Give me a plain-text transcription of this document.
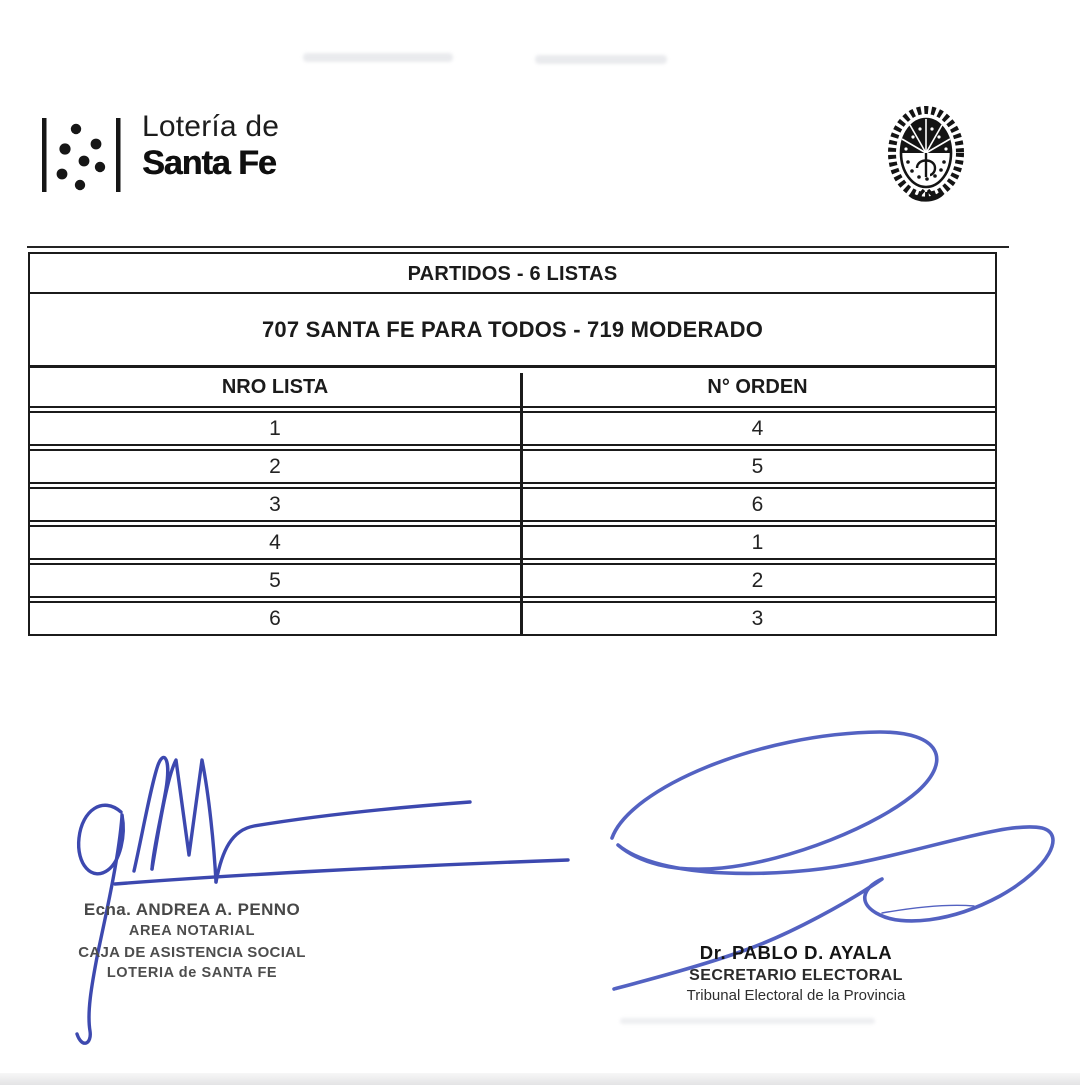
Lotería de
Santa Fe
PARTIDOS - 6 LISTAS
707 SANTA FE PARA TODOS - 719 MODERADO
NRO LISTA	N° ORDEN
1	4
2	5
3	6
4	1
5	2
6	3
Ecna. ANDREA A. PENNO
AREA NOTARIAL
CAJA DE ASISTENCIA SOCIAL
LOTERIA de SANTA FE
Dr. PABLO D. AYALA
SECRETARIO ELECTORAL
Tribunal Electoral de la Provincia
